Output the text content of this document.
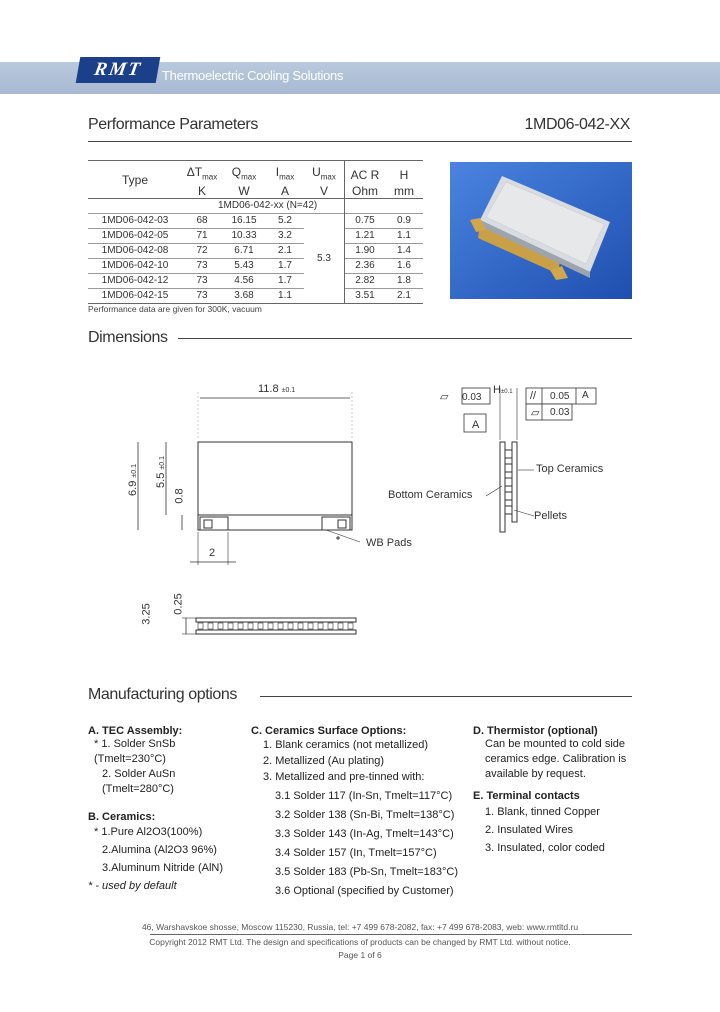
RMT	Thermoelectric Cooling Solutions
Performance Parameters	1MD06-042-XX
Type	$\Delta T_{max}$	$Q_{max}$	$I_{max}$	$U_{max}$	AC R	H
	K	W	A	V	Ohm	mm
1MD06-042-xx (N=42)						
1MD06-042-03	68	16.15	5.2	5.3	0.75	0.9
1MD06-042-05	71	10.33	3.2		1.21	1.1
1MD06-042-08	72	6.71	2.1		1.90	1.4
1MD06-042-10	73	5.43	1.7		2.36	1.6
1MD06-042-12	73	4.56	1.7		2.82	1.8
1MD06-042-15	73	3.68	1.1		3.51	2.1
Performance data are given for 300K, vacuum
Dimensions
11.8 ±0.1
6.9 ±0.1
5.5 ±0.1
0.8
2
WB Pads
3.25 0.25
⏥ 0.03
A
H±0.1 // 0.05 A
⏥ 0.03
Top Ceramics
Bottom Ceramics
Pellets
Manufacturing options
A. TEC Assembly:
* 1. Solder SnSb (Tmelt=230°C)
2. Solder AuSn (Tmelt=280°C)
B. Ceramics:
* 1.Pure Al2O3(100%)
2.Alumina (Al2O3 96%)
3.Aluminum Nitride (AlN)
* - used by default
C. Ceramics Surface Options:
1. Blank ceramics (not metallized)
2. Metallized (Au plating)
3. Metallized and pre-tinned with:
3.1 Solder 117 (In-Sn, Tmelt=117°C)
3.2 Solder 138 (Sn-Bi, Tmelt=138°C)
3.3 Solder 143 (In-Ag, Tmelt=143°C)
3.4 Solder 157 (In, Tmelt=157°C)
3.5 Solder 183 (Pb-Sn, Tmelt=183°C)
3.6 Optional (specified by Customer)
D. Thermistor (optional)
Can be mounted to cold side
ceramics edge. Calibration is
available by request.
E. Terminal contacts
1. Blank, tinned Copper
2. Insulated Wires
3. Insulated, color coded
46, Warshavskoe shosse, Moscow 115230, Russia, tel: +7 499 678-2082, fax: +7 499 678-2083, web: www.rmtltd.ru
Copyright 2012 RMT Ltd. The design and specifications of products can be changed by RMT Ltd. without notice.
Page 1 of 6
